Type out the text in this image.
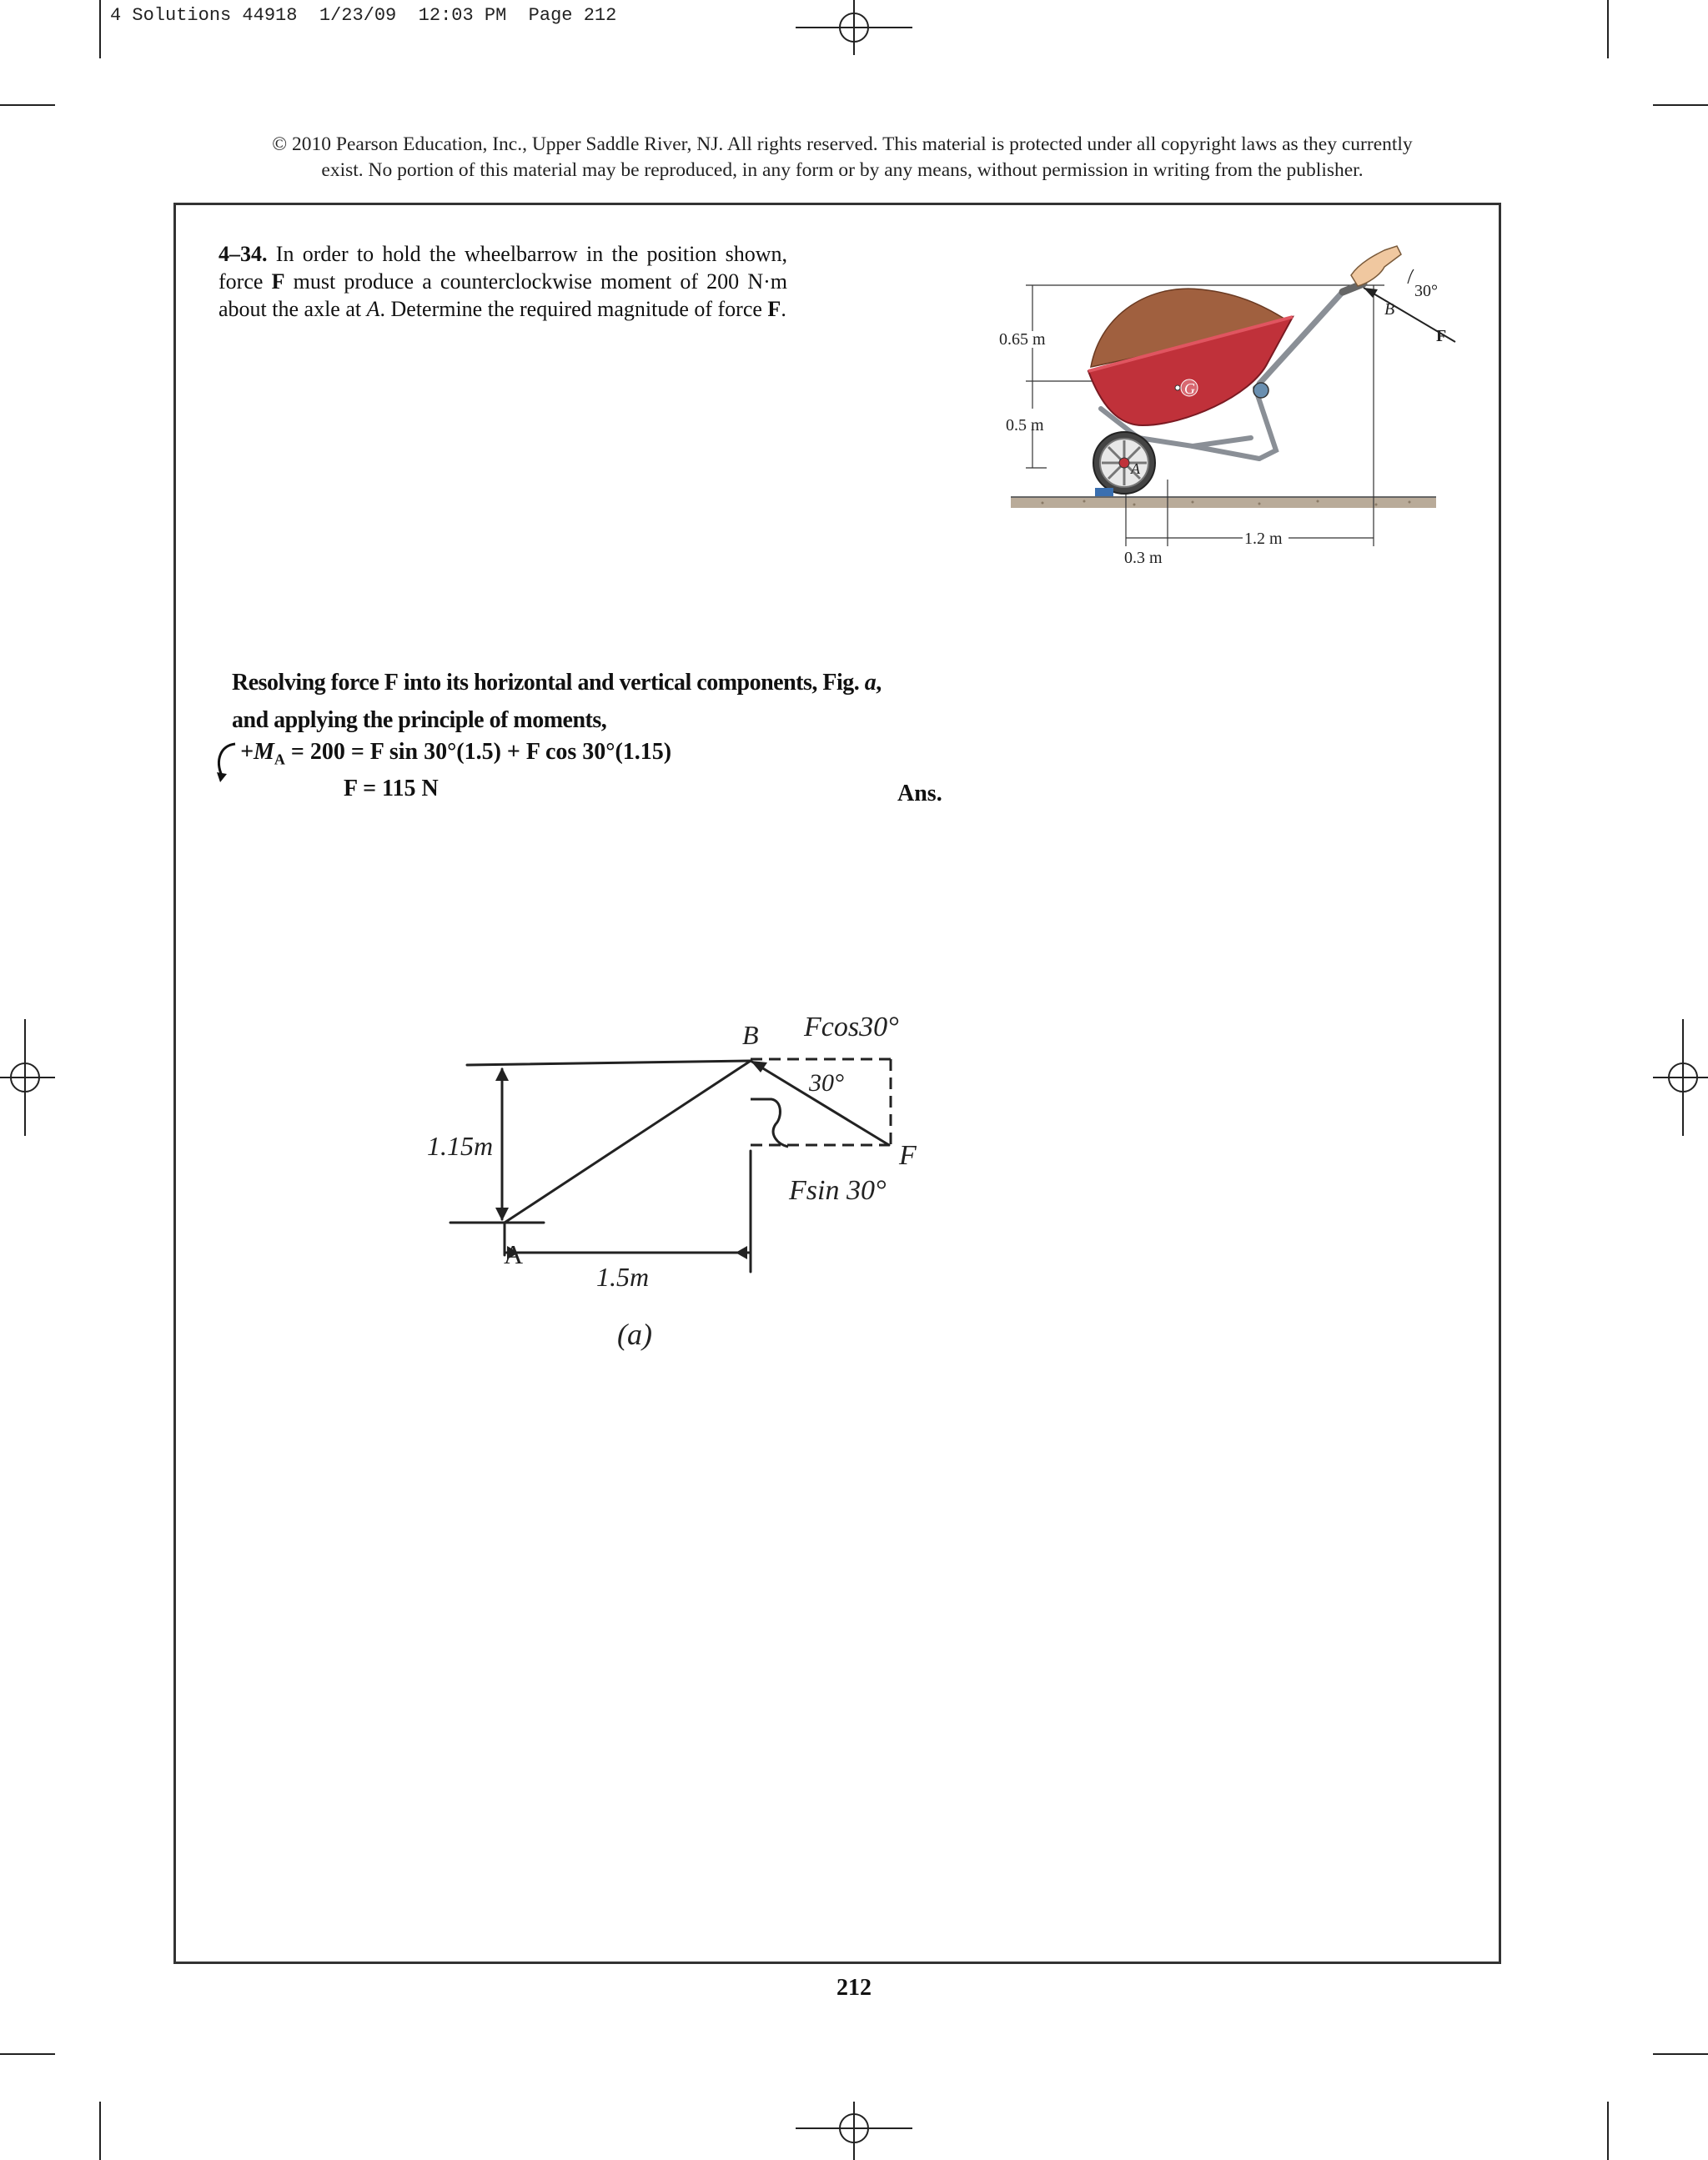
4 Solutions 44918  1/23/09  12:03 PM  Page 212
© 2010 Pearson Education, Inc., Upper Saddle River, NJ. All rights reserved. This material is protected under all copyright laws as they currently
exist. No portion of this material may be reproduced, in any form or by any means, without permission in writing from the publisher.
4–34. In order to hold the wheelbarrow in the position shown, force F must produce a counterclockwise moment of 200 N·m about the axle at A. Determine the required magnitude of force F.
0.65 m
0.5 m
0.3 m
1.2 m
G
A
30°
B
F
Resolving force F into its horizontal and vertical components, Fig. a,
and applying the principle of moments,
$+M_A = 200 = F$ sin 30°(1.5) + F cos 30°(1.15)
F = 115 N	Ans.
B Fcos30°
30°
F
Fsin 30°
1.15m
A
1.5m
(a)
212
